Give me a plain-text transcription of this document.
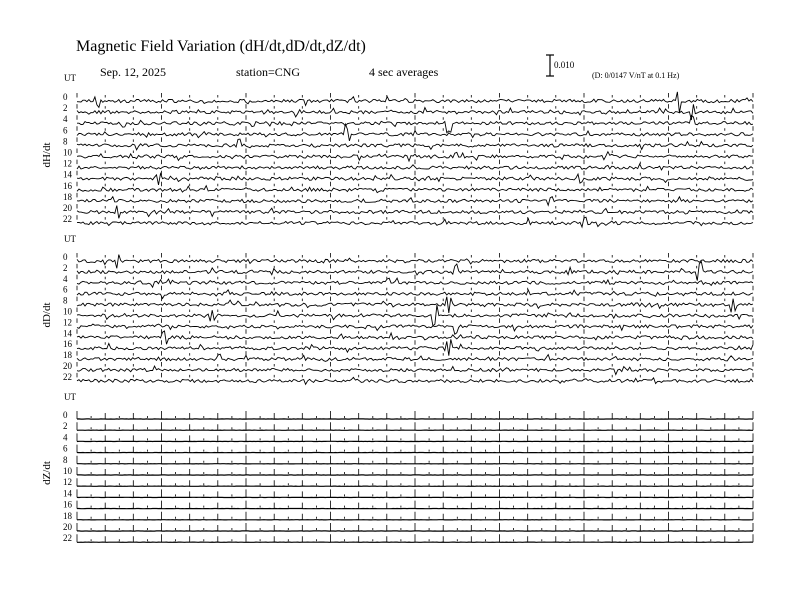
Magnetic Field Variation (dH/dt,dD/dt,dZ/dt)
Sep. 12, 2025	station=CNG	4 sec averages	0.010
(D: 0/0147 V/nT at 0.1 Hz)
UT
dH/dt
0
2
4
6
8
10
12
14
16
18
20
22
UT
dD/dt
0
2
4
6
8
10
12
14
16
18
20
22
UT
dZ/dt
0
2
4
6
8
10
12
14
16
18
20
22
